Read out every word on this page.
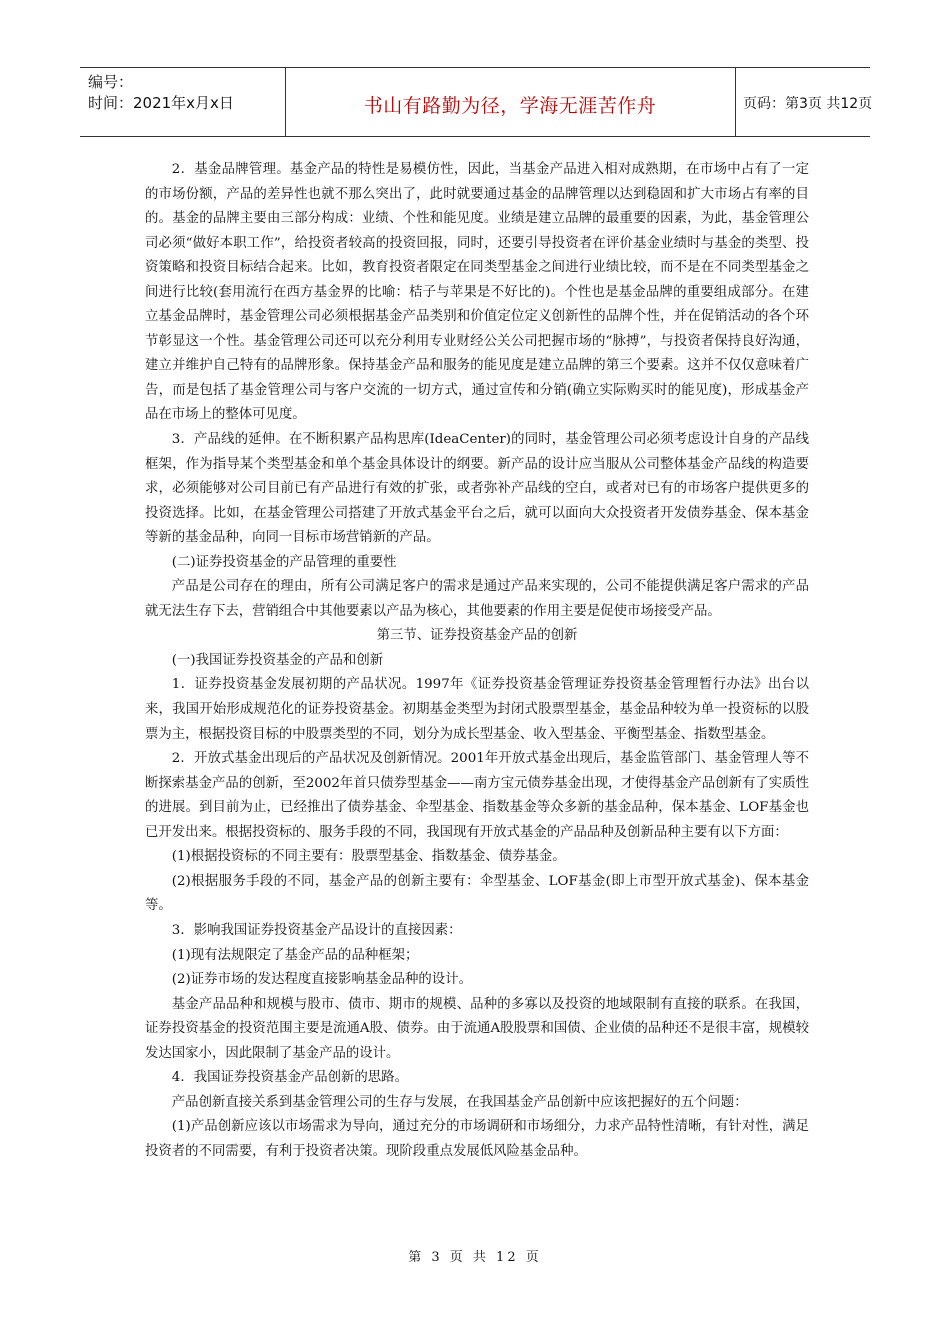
编号：
时间：2021年x月x日	书山有路勤为径，学海无涯苦作舟	页码：第3页 共12页

2．基金品牌管理。基金产品的特性是易模仿性，因此，当基金产品进入相对成熟期，在市场中占有了一定的市场份额，产品的差异性也就不那么突出了，此时就要通过基金的品牌管理以达到稳固和扩大市场占有率的目的。基金的品牌主要由三部分构成：业绩、个性和能见度。业绩是建立品牌的最重要的因素，为此，基金管理公司必须“做好本职工作”，给投资者较高的投资回报，同时，还要引导投资者在评价基金业绩时与基金的类型、投资策略和投资目标结合起来。比如，教育投资者限定在同类型基金之间进行业绩比较，而不是在不同类型基金之间进行比较(套用流行在西方基金界的比喻：桔子与苹果是不好比的)。个性也是基金品牌的重要组成部分。在建立基金品牌时，基金管理公司必须根据基金产品类别和价值定位定义创新性的品牌个性，并在促销活动的各个环节彰显这一个性。基金管理公司还可以充分利用专业财经公关公司把握市场的“脉搏”，与投资者保持良好沟通，建立并维护自己特有的品牌形象。保持基金产品和服务的能见度是建立品牌的第三个要素。这并不仅仅意味着广告，而是包括了基金管理公司与客户交流的一切方式，通过宣传和分销(确立实际购买时的能见度)，形成基金产品在市场上的整体可见度。

3．产品线的延伸。在不断积累产品构思库(IdeaCenter)的同时，基金管理公司必须考虑设计自身的产品线框架，作为指导某个类型基金和单个基金具体设计的纲要。新产品的设计应当服从公司整体基金产品线的构造要求，必须能够对公司目前已有产品进行有效的扩张，或者弥补产品线的空白，或者对已有的市场客户提供更多的投资选择。比如，在基金管理公司搭建了开放式基金平台之后，就可以面向大众投资者开发债券基金、保本基金等新的基金品种，向同一目标市场营销新的产品。

(二)证券投资基金的产品管理的重要性

产品是公司存在的理由，所有公司满足客户的需求是通过产品来实现的，公司不能提供满足客户需求的产品就无法生存下去，营销组合中其他要素以产品为核心，其他要素的作用主要是促使市场接受产品。

第三节、证券投资基金产品的创新

(一)我国证券投资基金的产品和创新

1．证券投资基金发展初期的产品状况。1997年《证券投资基金管理证券投资基金管理暂行办法》出台以来，我国开始形成规范化的证券投资基金。初期基金类型为封闭式股票型基金，基金品种较为单一投资标的以股票为主，根据投资目标的中股票类型的不同，划分为成长型基金、收入型基金、平衡型基金、指数型基金。

2．开放式基金出现后的产品状况及创新情况。2001年开放式基金出现后，基金监管部门、基金管理人等不断探索基金产品的创新，至2002年首只债券型基金——南方宝元债券基金出现，才使得基金产品创新有了实质性的进展。到目前为止，已经推出了债券基金、伞型基金、指数基金等众多新的基金品种，保本基金、LOF基金也已开发出来。根据投资标的、服务手段的不同，我国现有开放式基金的产品品种及创新品种主要有以下方面：

(1)根据投资标的不同主要有：股票型基金、指数基金、债券基金。

(2)根据服务手段的不同，基金产品的创新主要有：伞型基金、LOF基金(即上市型开放式基金)、保本基金等。

3．影响我国证券投资基金产品设计的直接因素：

(1)现有法规限定了基金产品的品种框架；

(2)证券市场的发达程度直接影响基金品种的设计。

基金产品品种和规模与股市、债市、期市的规模、品种的多寡以及投资的地域限制有直接的联系。在我国，证券投资基金的投资范围主要是流通A股、债券。由于流通A股股票和国债、企业债的品种还不是很丰富，规模较发达国家小，因此限制了基金产品的设计。

4．我国证券投资基金产品创新的思路。

产品创新直接关系到基金管理公司的生存与发展，在我国基金产品创新中应该把握好的五个问题：

(1)产品创新应该以市场需求为导向，通过充分的市场调研和市场细分，力求产品特性清晰，有针对性，满足投资者的不同需要，有利于投资者决策。现阶段重点发展低风险基金品种。

第 3 页 共 12 页
